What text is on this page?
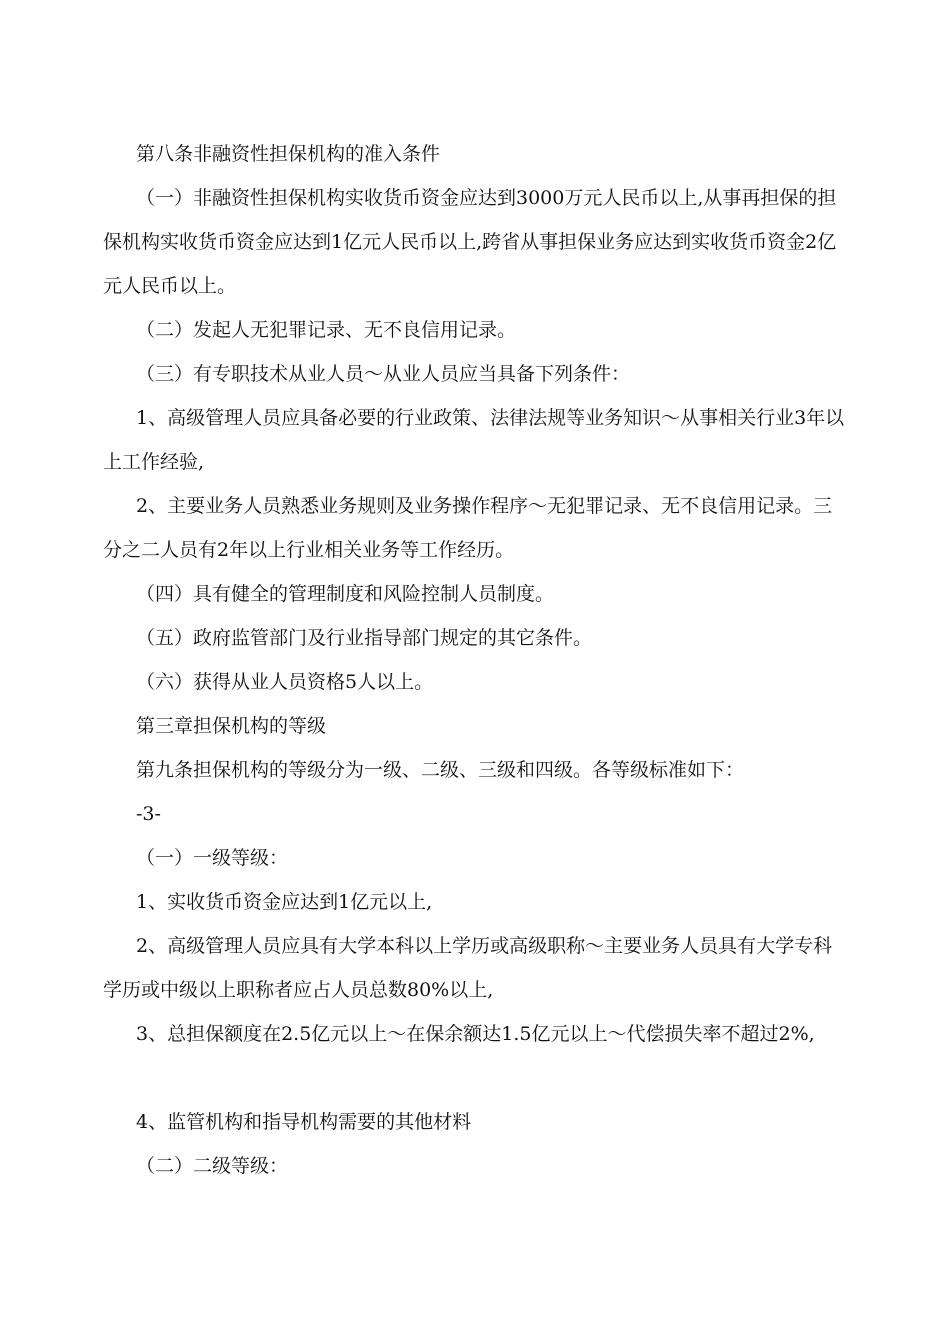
第八条非融资性担保机构的准入条件

（一）非融资性担保机构实收货币资金应达到3000万元人民币以上,从事再担保的担保机构实收货币资金应达到1亿元人民币以上,跨省从事担保业务应达到实收货币资金2亿元人民币以上。

（二）发起人无犯罪记录、无不良信用记录。

（三）有专职技术从业人员〜从业人员应当具备下列条件：

1、高级管理人员应具备必要的行业政策、法律法规等业务知识〜从事相关行业3年以上工作经验,

2、主要业务人员熟悉业务规则及业务操作程序〜无犯罪记录、无不良信用记录。三分之二人员有2年以上行业相关业务等工作经历。

（四）具有健全的管理制度和风险控制人员制度。

（五）政府监管部门及行业指导部门规定的其它条件。

（六）获得从业人员资格5人以上。

第三章担保机构的等级

第九条担保机构的等级分为一级、二级、三级和四级。各等级标准如下：

-3-

（一）一级等级：

1、实收货币资金应达到1亿元以上,

2、高级管理人员应具有大学本科以上学历或高级职称〜主要业务人员具有大学专科学历或中级以上职称者应占人员总数80%以上,

3、总担保额度在2.5亿元以上〜在保余额达1.5亿元以上〜代偿损失率不超过2%,

4、监管机构和指导机构需要的其他材料

（二）二级等级：
